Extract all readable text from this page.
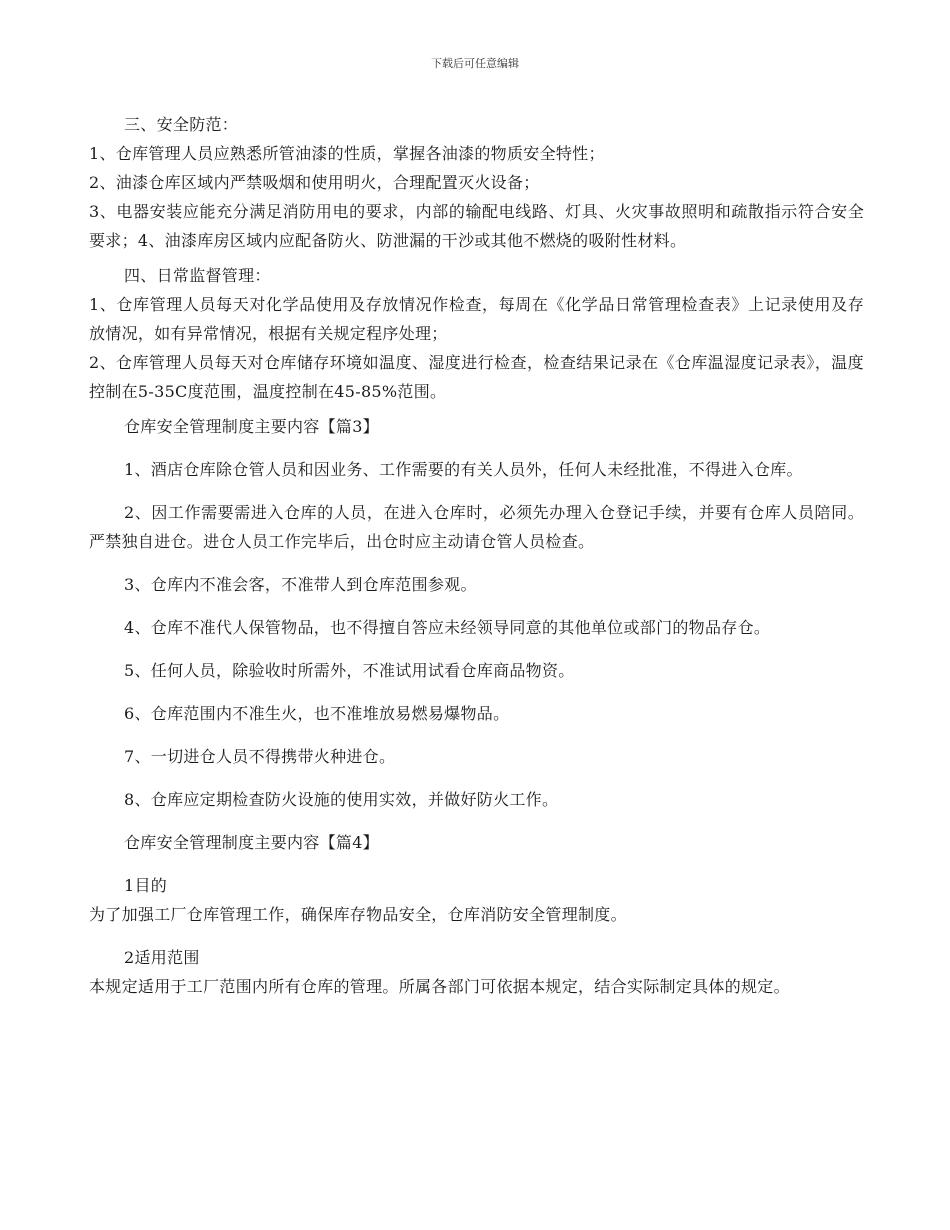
下载后可任意编辑

三、安全防范：

1、仓库管理人员应熟悉所管油漆的性质，掌握各油漆的物质安全特性；

2、油漆仓库区域内严禁吸烟和使用明火，合理配置灭火设备；

3、电器安装应能充分满足消防用电的要求，内部的输配电线路、灯具、火灾事故照明和疏散指示符合安全要求；4、油漆库房区域内应配备防火、防泄漏的干沙或其他不燃烧的吸附性材料。

四、日常监督管理：

1、仓库管理人员每天对化学品使用及存放情况作检查，每周在《化学品日常管理检查表》上记录使用及存放情况，如有异常情况，根据有关规定程序处理；

2、仓库管理人员每天对仓库储存环境如温度、湿度进行检查，检查结果记录在《仓库温湿度记录表》，温度控制在5-35C度范围，温度控制在45-85%范围。

仓库安全管理制度主要内容【篇3】

1、酒店仓库除仓管人员和因业务、工作需要的有关人员外，任何人未经批准，不得进入仓库。

2、因工作需要需进入仓库的人员，在进入仓库时，必须先办理入仓登记手续，并要有仓库人员陪同。严禁独自进仓。进仓人员工作完毕后，出仓时应主动请仓管人员检查。

3、仓库内不准会客，不准带人到仓库范围参观。

4、仓库不准代人保管物品，也不得擅自答应未经领导同意的其他单位或部门的物品存仓。

5、任何人员，除验收时所需外，不准试用试看仓库商品物资。

6、仓库范围内不准生火，也不准堆放易燃易爆物品。

7、一切进仓人员不得携带火种进仓。

8、仓库应定期检查防火设施的使用实效，并做好防火工作。

仓库安全管理制度主要内容【篇4】

1目的

为了加强工厂仓库管理工作，确保库存物品安全，仓库消防安全管理制度。

2适用范围

本规定适用于工厂范围内所有仓库的管理。所属各部门可依据本规定，结合实际制定具体的规定。
